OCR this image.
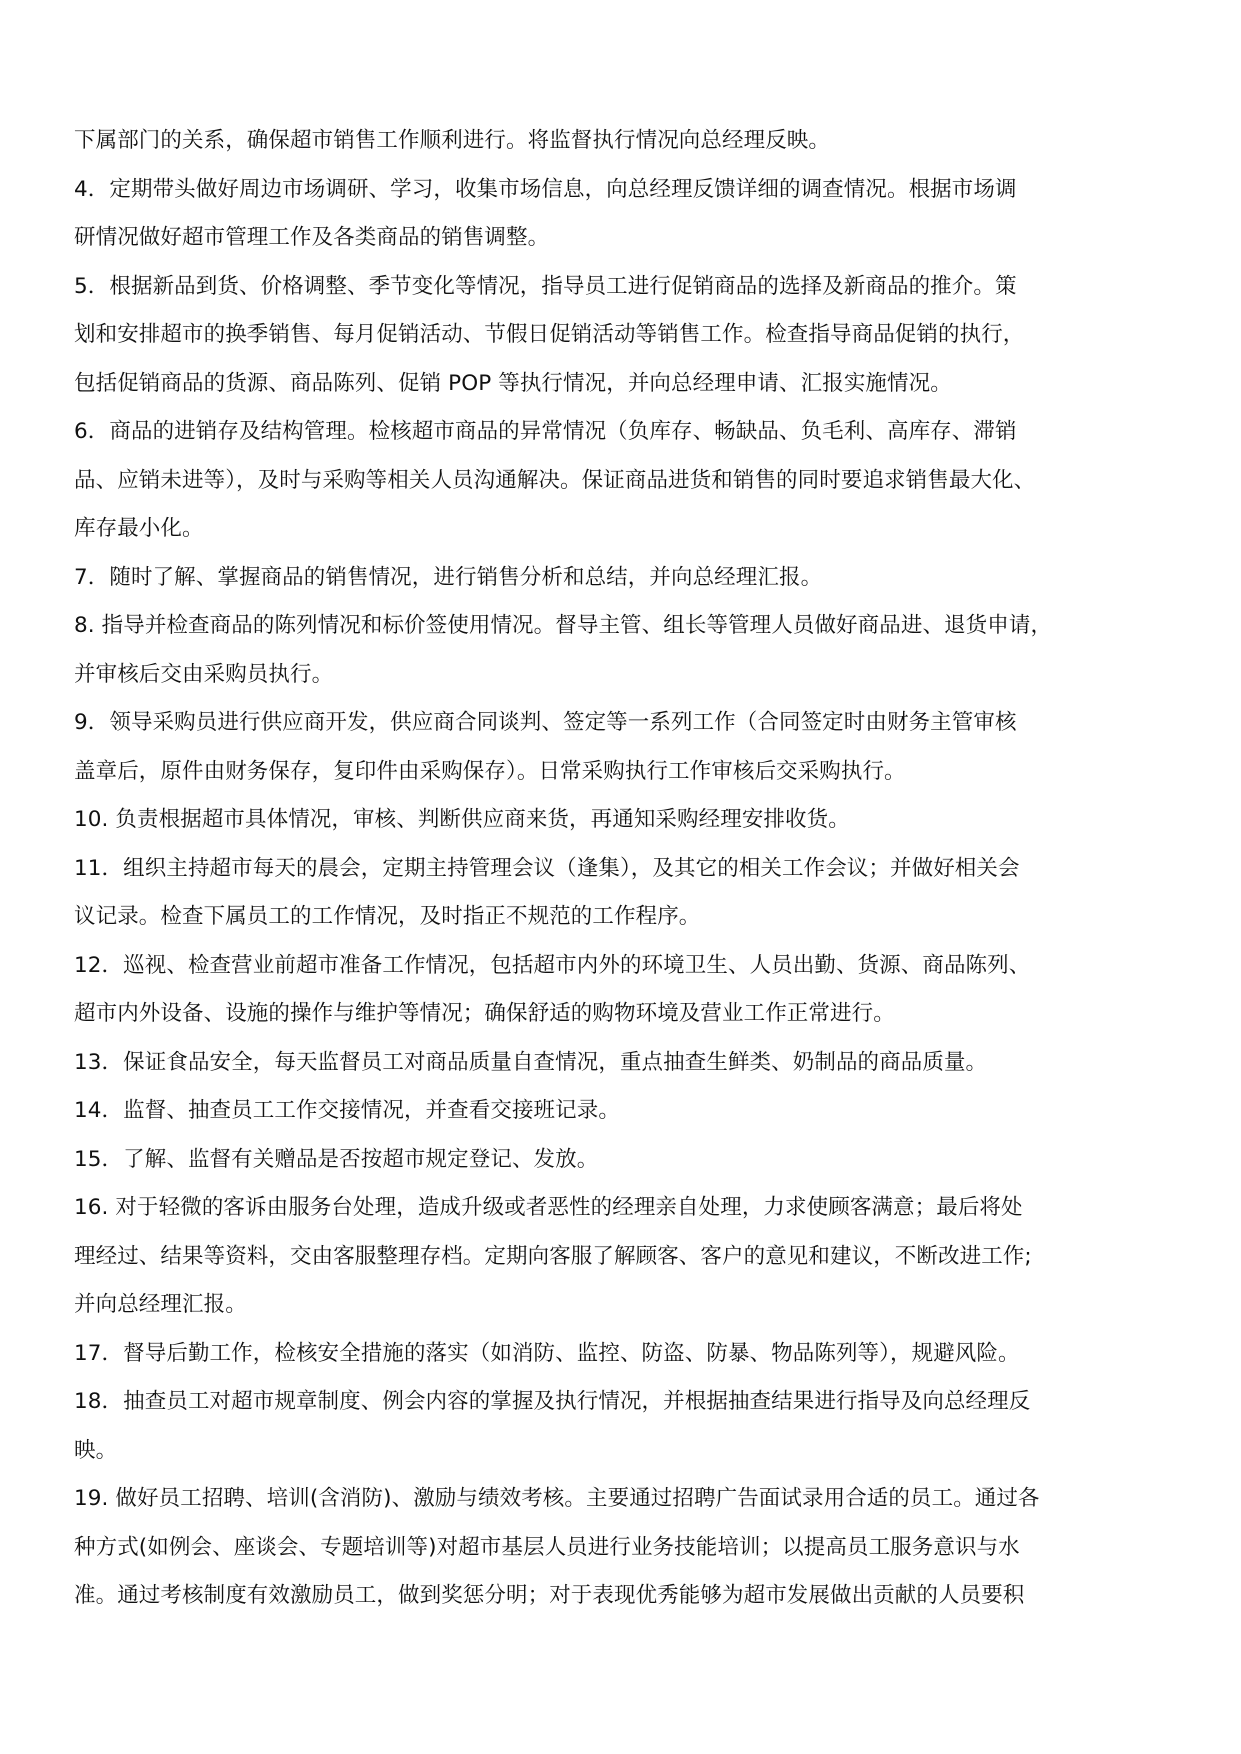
下属部门的关系，确保超市销售工作顺利进行。将监督执行情况向总经理反映。
4．定期带头做好周边市场调研、学习，收集市场信息，向总经理反馈详细的调查情况。根据市场调
研情况做好超市管理工作及各类商品的销售调整。
5．根据新品到货、价格调整、季节变化等情况，指导员工进行促销商品的选择及新商品的推介。策
划和安排超市的换季销售、每月促销活动、节假日促销活动等销售工作。检查指导商品促销的执行，
包括促销商品的货源、商品陈列、促销 POP 等执行情况，并向总经理申请、汇报实施情况。
6．商品的进销存及结构管理。检核超市商品的异常情况（负库存、畅缺品、负毛利、高库存、滞销
品、应销未进等），及时与采购等相关人员沟通解决。保证商品进货和销售的同时要追求销售最大化、
库存最小化。
7．随时了解、掌握商品的销售情况，进行销售分析和总结，并向总经理汇报。
8. 指导并检查商品的陈列情况和标价签使用情况。督导主管、组长等管理人员做好商品进、退货申请，
并审核后交由采购员执行。
9．领导采购员进行供应商开发，供应商合同谈判、签定等一系列工作（合同签定时由财务主管审核
盖章后，原件由财务保存，复印件由采购保存）。日常采购执行工作审核后交采购执行。
10. 负责根据超市具体情况，审核、判断供应商来货，再通知采购经理安排收货。
11．组织主持超市每天的晨会，定期主持管理会议（逢集），及其它的相关工作会议；并做好相关会
议记录。检查下属员工的工作情况，及时指正不规范的工作程序。
12．巡视、检查营业前超市准备工作情况，包括超市内外的环境卫生、人员出勤、货源、商品陈列、
超市内外设备、设施的操作与维护等情况；确保舒适的购物环境及营业工作正常进行。
13．保证食品安全，每天监督员工对商品质量自查情况，重点抽查生鲜类、奶制品的商品质量。
14．监督、抽查员工工作交接情况，并查看交接班记录。
15．了解、监督有关赠品是否按超市规定登记、发放。
16. 对于轻微的客诉由服务台处理，造成升级或者恶性的经理亲自处理，力求使顾客满意；最后将处
理经过、结果等资料，交由客服整理存档。定期向客服了解顾客、客户的意见和建议，不断改进工作;
并向总经理汇报。
17．督导后勤工作，检核安全措施的落实（如消防、监控、防盗、防暴、物品陈列等），规避风险。
18．抽查员工对超市规章制度、例会内容的掌握及执行情况，并根据抽查结果进行指导及向总经理反
映。
19. 做好员工招聘、培训(含消防)、激励与绩效考核。主要通过招聘广告面试录用合适的员工。通过各
种方式(如例会、座谈会、专题培训等)对超市基层人员进行业务技能培训；以提高员工服务意识与水
准。通过考核制度有效激励员工，做到奖惩分明；对于表现优秀能够为超市发展做出贡献的人员要积
